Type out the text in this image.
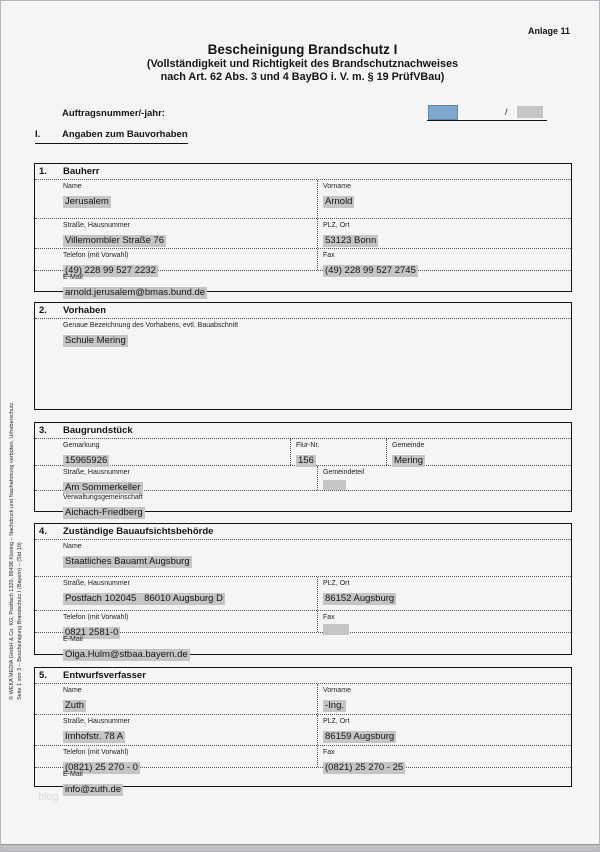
Anlage 11
Bescheinigung Brandschutz I
(Vollständigkeit und Richtigkeit des Brandschutznachweises
nach Art. 62 Abs. 3 und 4 BayBO i. V. m. § 19 PrüfVBau)
Auftragsnummer/-jahr:	/
I.	Angaben zum Bauvorhaben
1. Bauherr
Name
Jerusalem
Vorname
Arnold
Straße, Hausnummer
Villemombler Straße 76
PLZ, Ort
53123 Bonn
Telefon (mit Vorwahl)
(49) 228 99 527 2232
Fax
(49) 228 99 527 2745
E-Mail
arnold.jerusalem@bmas.bund.de
2. Vorhaben
Genaue Bezeichnung des Vorhabens, evtl. Bauabschnitt
Schule Mering
3. Baugrundstück
Gemarkung
15965926
Flur-Nr.
156
Gemeinde
Mering
Straße, Hausnummer
Am Sommerkeller
Gemeindeteil
Verwaltungsgemeinschaft
Aichach-Friedberg
4. Zuständige Bauaufsichtsbehörde
Name
Staatliches Bauamt Augsburg
Straße, Hausnummer
Postfach 102045   86010 Augsburg D
PLZ, Ort
86152 Augsburg
Telefon (mit Vorwahl)
0821 2581-0
Fax
E-Mail
Olga.Hulm@stbaa.bayern.de
5. Entwurfsverfasser
Name
Zuth
Vorname
-Ing.
Straße, Hausnummer
Imhofstr. 78 A
PLZ, Ort
86159 Augsburg
Telefon (mit Vorwahl)
(0821) 25 270 - 0
Fax
(0821) 25 270 - 25
E-Mail
info@zuth.de
© WEKA MEDIA GmbH & Co. KG, Postfach 1320, 86438 Kissing – Nachdruck und Nachahmung verboten, Urheberschutz Seite 1 von 3 – Bescheinigung Brandschutz I (Bayern) – (Std 10)
blog
